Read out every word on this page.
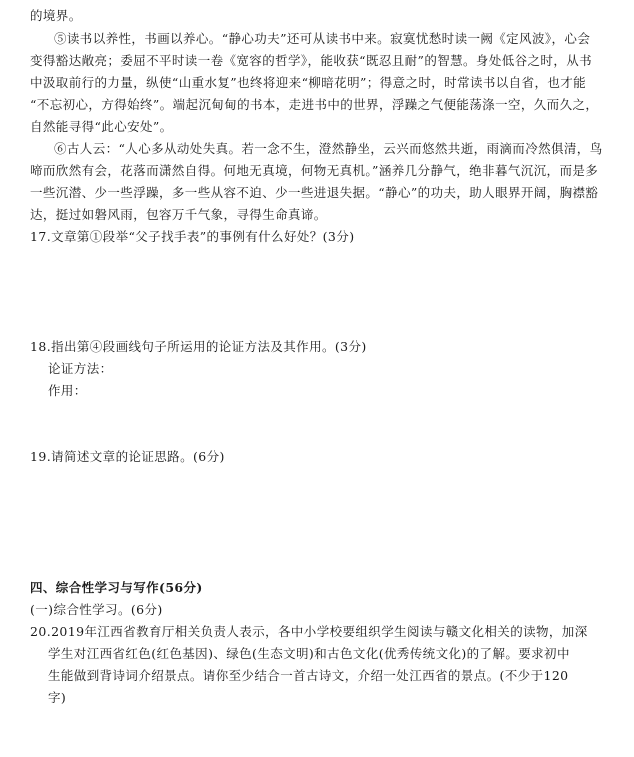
的境界。
⑤读书以养性，书画以养心。“静心功夫”还可从读书中来。寂寞忧愁时读一阙《定风波》，心会
变得豁达敞亮；委屈不平时读一卷《宽容的哲学》，能收获“既忍且耐”的智慧。身处低谷之时，从书
中汲取前行的力量，纵使“山重水复”也终将迎来“柳暗花明”；得意之时，时常读书以自省，也才能
“不忘初心，方得始终”。端起沉甸甸的书本，走进书中的世界，浮躁之气便能荡涤一空，久而久之，
自然能寻得“此心安处”。
⑥古人云：“人心多从动处失真。若一念不生，澄然静坐，云兴而悠然共逝，雨滴而冷然俱清，鸟
啼而欣然有会，花落而潇然自得。何地无真境，何物无真机。”涵养几分静气，绝非暮气沉沉，而是多
一些沉潜、少一些浮躁，多一些从容不迫、少一些进退失据。“静心”的功夫，助人眼界开阔，胸襟豁
达，挺过如磐风雨，包容万千气象，寻得生命真谛。
17.文章第①段举“父子找手表”的事例有什么好处？(3分)
18.指出第④段画线句子所运用的论证方法及其作用。(3分)
论证方法：
作用：
19.请简述文章的论证思路。(6分)
四、综合性学习与写作(56分)
(一)综合性学习。(6分)
20.2019年江西省教育厅相关负责人表示，各中小学校要组织学生阅读与赣文化相关的读物，加深
学生对江西省红色(红色基因)、绿色(生态文明)和古色文化(优秀传统文化)的了解。要求初中
生能做到背诗词介绍景点。请你至少结合一首古诗文，介绍一处江西省的景点。(不少于120
字)
